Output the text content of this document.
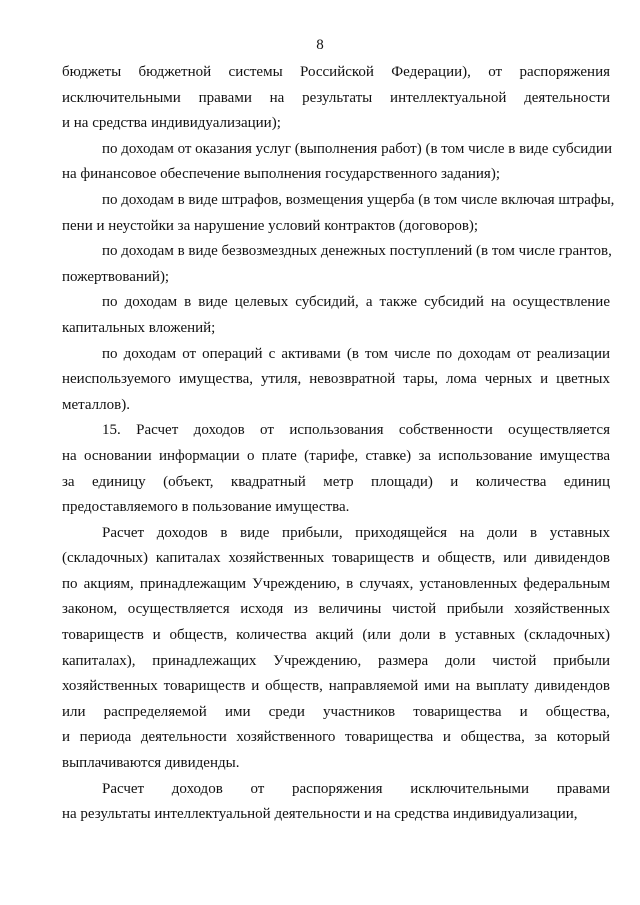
8
бюджеты бюджетной системы Российской Федерации), от распоряжения
исключительными правами на результаты интеллектуальной деятельности
и на средства индивидуализации);
по доходам от оказания услуг (выполнения работ) (в том числе в виде субсидии
на финансовое обеспечение выполнения государственного задания);
по доходам в виде штрафов, возмещения ущерба (в том числе включая штрафы,
пени и неустойки за нарушение условий контрактов (договоров);
по доходам в виде безвозмездных денежных поступлений (в том числе грантов,
пожертвований);
по доходам в виде целевых субсидий, а также субсидий на осуществление
капитальных вложений;
по доходам от операций с активами (в том числе по доходам от реализации
неиспользуемого имущества, утиля, невозвратной тары, лома черных и цветных
металлов).
15. Расчет доходов от использования собственности осуществляется
на основании информации о плате (тарифе, ставке) за использование имущества
за единицу (объект, квадратный метр площади) и количества единиц
предоставляемого в пользование имущества.
Расчет доходов в виде прибыли, приходящейся на доли в уставных
(складочных) капиталах хозяйственных товариществ и обществ, или дивидендов
по акциям, принадлежащим Учреждению, в случаях, установленных федеральным
законом, осуществляется исходя из величины чистой прибыли хозяйственных
товариществ и обществ, количества акций (или доли в уставных (складочных)
капиталах), принадлежащих Учреждению, размера доли чистой прибыли
хозяйственных товариществ и обществ, направляемой ими на выплату дивидендов
или распределяемой ими среди участников товарищества и общества,
и периода деятельности хозяйственного товарищества и общества, за который
выплачиваются дивиденды.
Расчет доходов от распоряжения исключительными правами
на результаты интеллектуальной деятельности и на средства индивидуализации,
